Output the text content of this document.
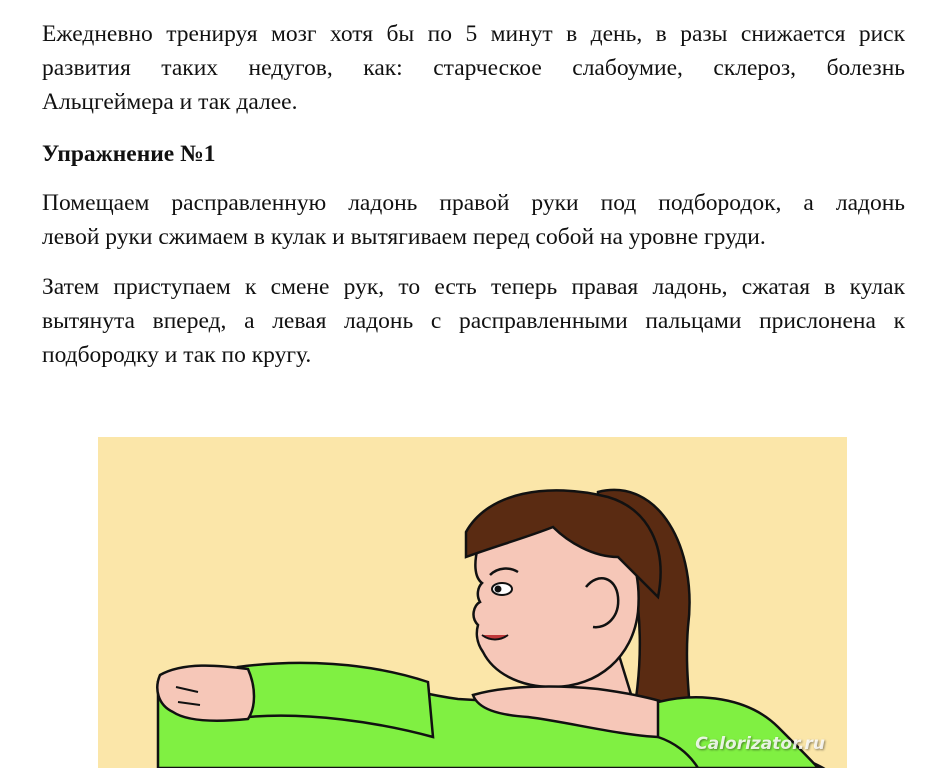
Ежедневно тренируя мозг хотя бы по 5 минут в день, в разы снижается риск
развития таких недугов, как: старческое слабоумие, склероз, болезнь
Альцгеймера и так далее.

Упражнение №1

Помещаем расправленную ладонь правой руки под подбородок, а ладонь
левой руки сжимаем в кулак и вытягиваем перед собой на уровне груди.

Затем приступаем к смене рук, то есть теперь правая ладонь, сжатая в кулак
вытянута вперед, а левая ладонь с расправленными пальцами прислонена к
подбородку и так по кругу.

Calorizator.ru
